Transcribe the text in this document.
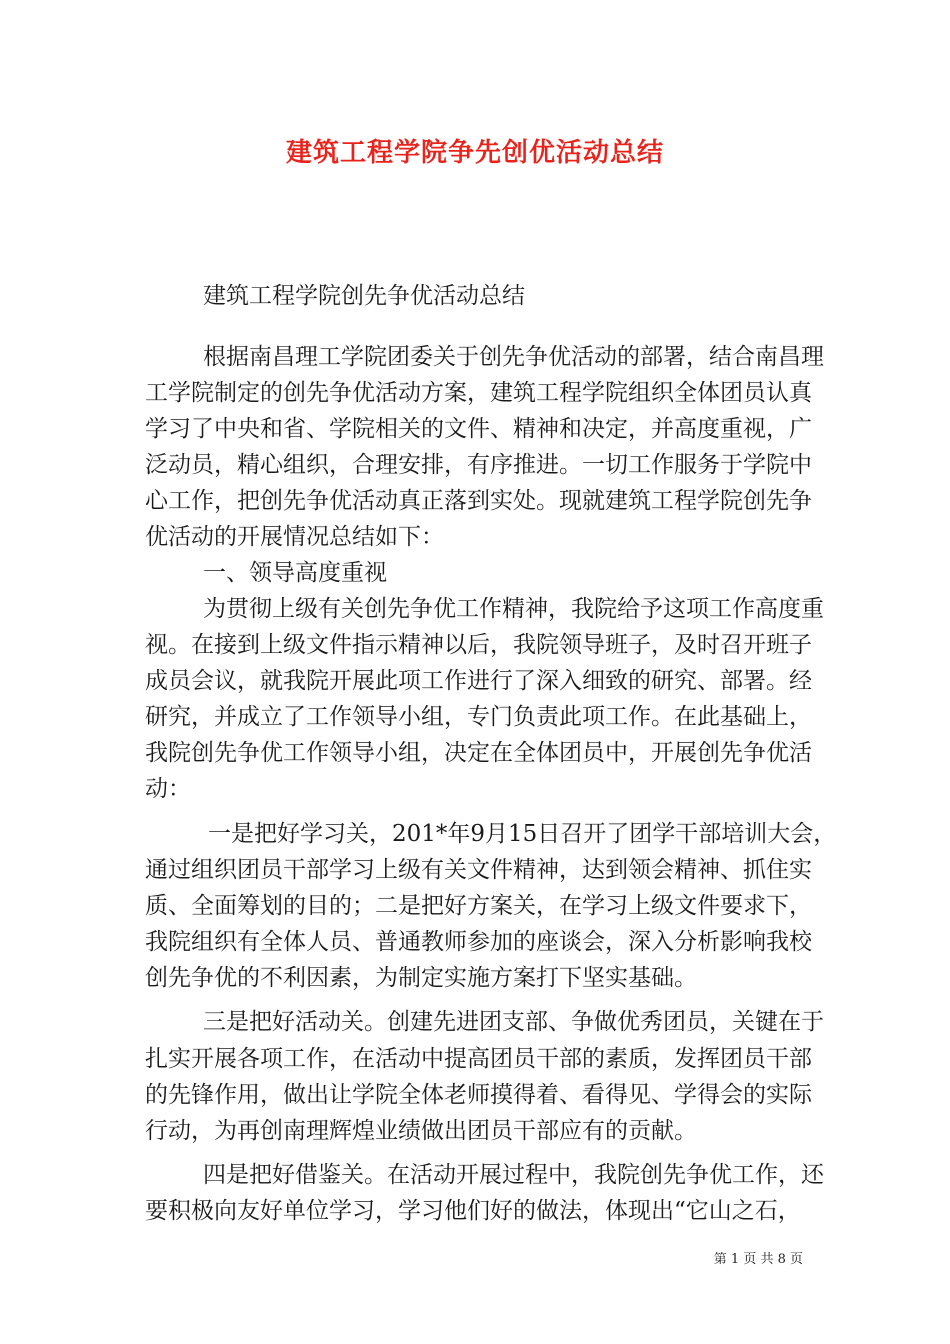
建筑工程学院争先创优活动总结
建筑工程学院创先争优活动总结
根据南昌理工学院团委关于创先争优活动的部署，结合南昌理
工学院制定的创先争优活动方案，建筑工程学院组织全体团员认真
学习了中央和省、学院相关的文件、精神和决定，并高度重视，广
泛动员，精心组织，合理安排，有序推进。一切工作服务于学院中
心工作，把创先争优活动真正落到实处。现就建筑工程学院创先争
优活动的开展情况总结如下：
一、领导高度重视
为贯彻上级有关创先争优工作精神，我院给予这项工作高度重
视。在接到上级文件指示精神以后，我院领导班子，及时召开班子
成员会议，就我院开展此项工作进行了深入细致的研究、部署。经
研究，并成立了工作领导小组，专门负责此项工作。在此基础上，
我院创先争优工作领导小组，决定在全体团员中，开展创先争优活
动：
一是把好学习关，201*年9月15日召开了团学干部培训大会，
通过组织团员干部学习上级有关文件精神，达到领会精神、抓住实
质、全面筹划的目的；二是把好方案关，在学习上级文件要求下，
我院组织有全体人员、普通教师参加的座谈会，深入分析影响我校
创先争优的不利因素，为制定实施方案打下坚实基础。
三是把好活动关。创建先进团支部、争做优秀团员，关键在于
扎实开展各项工作，在活动中提高团员干部的素质，发挥团员干部
的先锋作用，做出让学院全体老师摸得着、看得见、学得会的实际
行动，为再创南理辉煌业绩做出团员干部应有的贡献。
四是把好借鉴关。在活动开展过程中，我院创先争优工作，还
要积极向友好单位学习，学习他们好的做法，体现出“它山之石，
第 1 页 共 8 页
